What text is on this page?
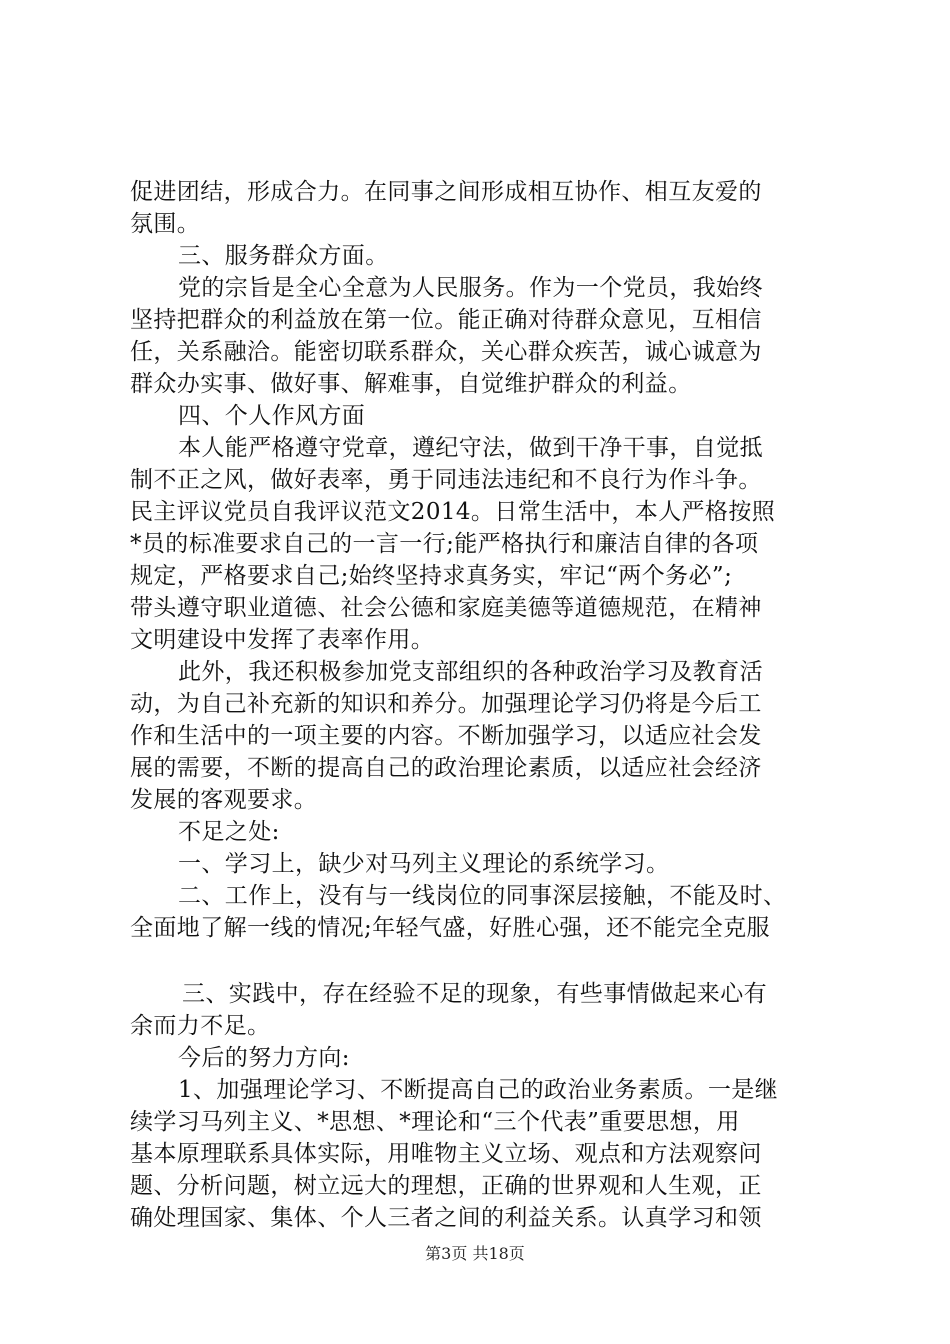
促进团结，形成合力。在同事之间形成相互协作、相互友爱的
氛围。
三、服务群众方面。
党的宗旨是全心全意为人民服务。作为一个党员，我始终
坚持把群众的利益放在第一位。能正确对待群众意见，互相信
任，关系融洽。能密切联系群众，关心群众疾苦，诚心诚意为
群众办实事、做好事、解难事，自觉维护群众的利益。
四、个人作风方面
本人能严格遵守党章，遵纪守法，做到干净干事，自觉抵
制不正之风，做好表率，勇于同违法违纪和不良行为作斗争。
民主评议党员自我评议范文2014。日常生活中，本人严格按照
*员的标准要求自己的一言一行;能严格执行和廉洁自律的各项
规定，严格要求自己;始终坚持求真务实，牢记“两个务必”;
带头遵守职业道德、社会公德和家庭美德等道德规范，在精神
文明建设中发挥了表率作用。
此外，我还积极参加党支部组织的各种政治学习及教育活
动，为自己补充新的知识和养分。加强理论学习仍将是今后工
作和生活中的一项主要的内容。不断加强学习，以适应社会发
展的需要，不断的提高自己的政治理论素质，以适应社会经济
发展的客观要求。
不足之处:
一、学习上，缺少对马列主义理论的系统学习。
二、工作上，没有与一线岗位的同事深层接触，不能及时、
全面地了解一线的情况;年轻气盛，好胜心强，还不能完全克服
三、实践中，存在经验不足的现象，有些事情做起来心有
余而力不足。
今后的努力方向:
1、加强理论学习、不断提高自己的政治业务素质。一是继
续学习马列主义、*思想、*理论和“三个代表”重要思想，用
基本原理联系具体实际，用唯物主义立场、观点和方法观察问
题、分析问题，树立远大的理想，正确的世界观和人生观，正
确处理国家、集体、个人三者之间的利益关系。认真学习和领
第3页 共18页
